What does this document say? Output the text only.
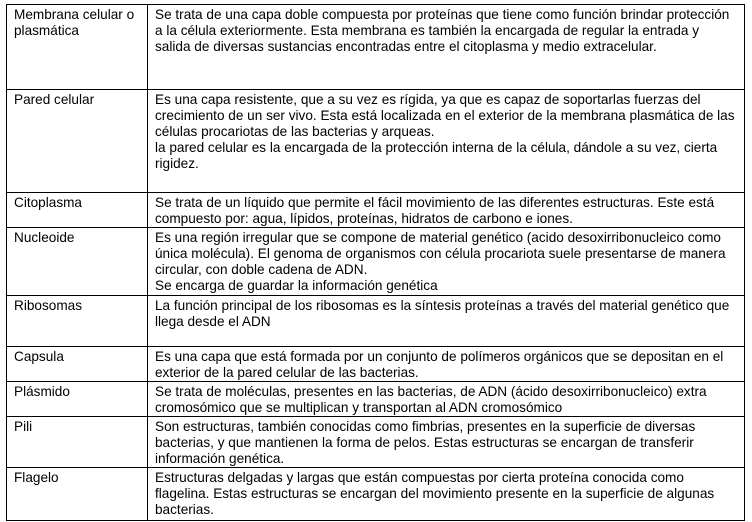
Membrana celular o plasmática	Se trata de una capa doble compuesta por proteínas que tiene como función brindar protección a la célula exteriormente. Esta membrana es también la encargada de regular la entrada y salida de diversas sustancias encontradas entre el citoplasma y medio extracelular.

Pared celular	Es una capa resistente, que a su vez es rígida, ya que es capaz de soportarlas fuerzas del crecimiento de un ser vivo. Esta está localizada en el exterior de la membrana plasmática de las células procariotas de las bacterias y arqueas.

la pared celular es la encargada de la protección interna de la célula, dándole a su vez, cierta rigidez.

Citoplasma	Se trata de un líquido que permite el fácil movimiento de las diferentes estructuras. Este está compuesto por: agua, lípidos, proteínas, hidratos de carbono e iones.

Nucleoide	Es una región irregular que se compone de material genético (acido desoxirribonucleico como única molécula). El genoma de organismos con célula procariota suele presentarse de manera circular, con doble cadena de ADN.

Se encarga de guardar la información genética

Ribosomas	La función principal de los ribosomas es la síntesis proteínas a través del material genético que llega desde el ADN

Capsula	Es una capa que está formada por un conjunto de polímeros orgánicos que se depositan en el exterior de la pared celular de las bacterias.

Plásmido	Se trata de moléculas, presentes en las bacterias, de ADN (ácido desoxirribonucleico) extra cromosómico que se multiplican y transportan al ADN cromosómico

Pili	Son estructuras, también conocidas como fimbrias, presentes en la superficie de diversas bacterias, y que mantienen la forma de pelos. Estas estructuras se encargan de transferir información genética.

Flagelo	Estructuras delgadas y largas que están compuestas por cierta proteína conocida como flagelina. Estas estructuras se encargan del movimiento presente en la superficie de algunas bacterias.
